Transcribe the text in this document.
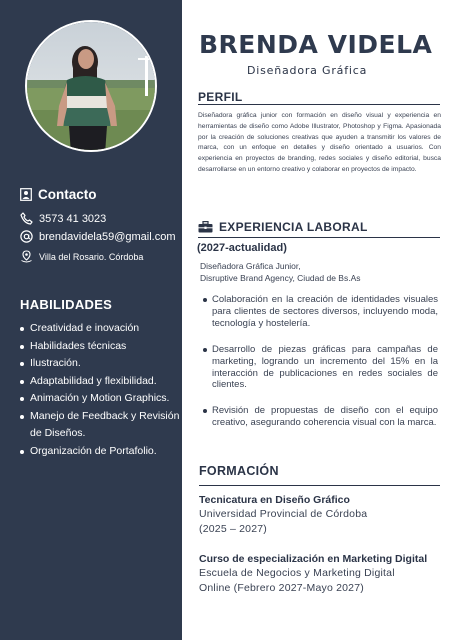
Contacto
3573 41 3023
brendavidela59@gmail.com
Villa del Rosario. Córdoba
HABILIDADES
Creatividad e inovación
Habilidades técnicas
Ilustración.
Adaptabilidad y flexibilidad.
Animación y Motion Graphics.
Manejo de Feedback y Revisión de Diseños.
Organización de Portafolio.
BRENDA VIDELA
Diseñadora Gráfica
PERFIL
Diseñadora gráfica junior con formación en diseño visual y experiencia en herramientas de diseño como Adobe Illustrator, Photoshop y Figma. Apasionada por la creación de soluciones creativas que ayuden a transmitir los valores de marca, con un enfoque en detalles y diseño orientado a usuarios. Con experiencia en proyectos de branding, redes sociales y diseño editorial, busca desarrollarse en un entorno creativo y colaborar en proyectos de impacto.
EXPERIENCIA LABORAL
(2027-actualidad)
Diseñadora Gráfica Junior,
Disruptive Brand Agency, Ciudad de Bs.As
Colaboración en la creación de identidades visuales para clientes de sectores diversos, incluyendo moda, tecnología y hostelería.
Desarrollo de piezas gráficas para campañas de marketing, logrando un incremento del 15% en la interacción de publicaciones en redes sociales de clientes.
Revisión de propuestas de diseño con el equipo creativo, asegurando coherencia visual con la marca.
FORMACIÓN
Tecnicatura en Diseño Gráfico
Universidad Provincial de Córdoba
(2025 – 2027)
Curso de especialización en Marketing Digital
Escuela de Negocios y Marketing Digital
Online (Febrero 2027-Mayo 2027)
